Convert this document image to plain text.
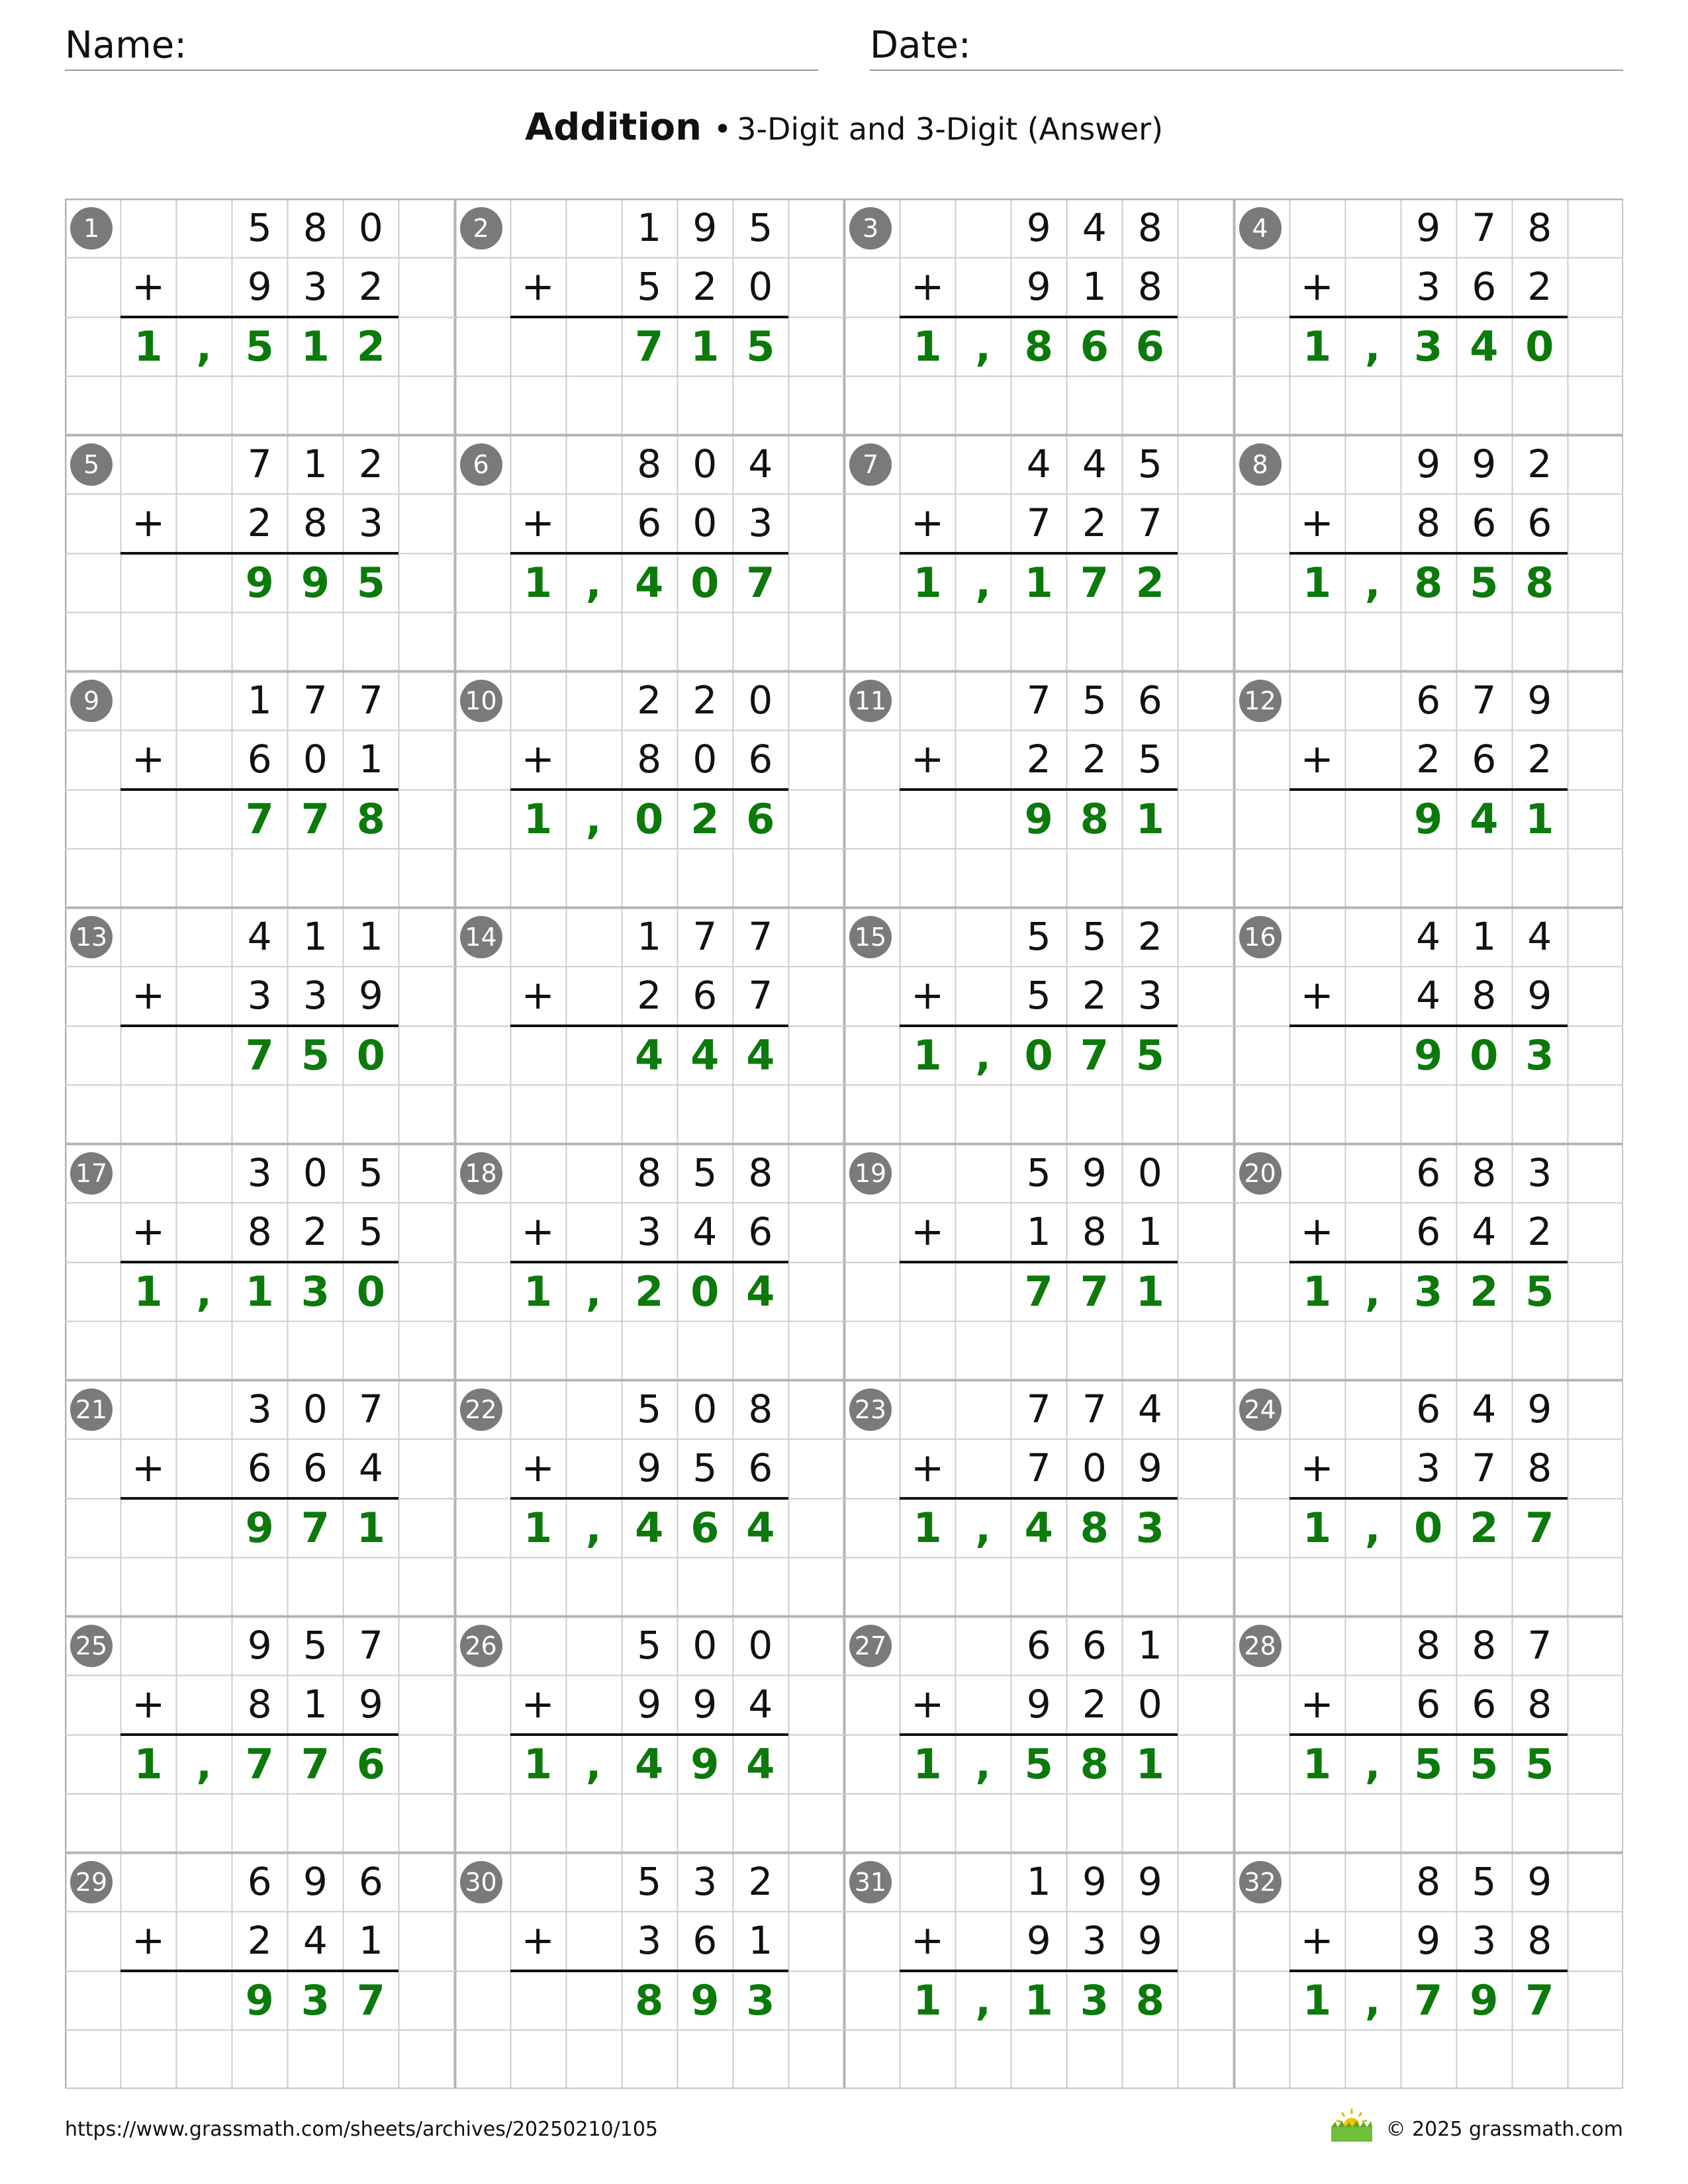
Name:	Date:
Addition • 3-Digit and 3-Digit (Answer)
1	5 8 0
+	9 3 2
1 , 5 1 2
2	1 9 5
+	5 2 0
7 1 5
3	9 4 8
+	9 1 8
1 , 8 6 6
4	9 7 8
+	3 6 2
1 , 3 4 0
5	7 1 2
+	2 8 3
9 9 5
6	8 0 4
+	6 0 3
1 , 4 0 7
7	4 4 5
+	7 2 7
1 , 1 7 2
8	9 9 2
+	8 6 6
1 , 8 5 8
9	1 7 7
+	6 0 1
7 7 8
10	2 2 0
+	8 0 6
1 , 0 2 6
11	7 5 6
+	2 2 5
9 8 1
12	6 7 9
+	2 6 2
9 4 1
13	4 1 1
+	3 3 9
7 5 0
14	1 7 7
+	2 6 7
4 4 4
15	5 5 2
+	5 2 3
1 , 0 7 5
16	4 1 4
+	4 8 9
9 0 3
17	3 0 5
+	8 2 5
1 , 1 3 0
18	8 5 8
+	3 4 6
1 , 2 0 4
19	5 9 0
+	1 8 1
7 7 1
20	6 8 3
+	6 4 2
1 , 3 2 5
21	3 0 7
+	6 6 4
9 7 1
22	5 0 8
+	9 5 6
1 , 4 6 4
23	7 7 4
+	7 0 9
1 , 4 8 3
24	6 4 9
+	3 7 8
1 , 0 2 7
25	9 5 7
+	8 1 9
1 , 7 7 6
26	5 0 0
+	9 9 4
1 , 4 9 4
27	6 6 1
+	9 2 0
1 , 5 8 1
28	8 8 7
+	6 6 8
1 , 5 5 5
29	6 9 6
+	2 4 1
9 3 7
30	5 3 2
+	3 6 1
8 9 3
31	1 9 9
+	9 3 9
1 , 1 3 8
32	8 5 9
+	9 3 8
1 , 7 9 7
https://www.grassmath.com/sheets/archives/20250210/105	© 2025 grassmath.com
